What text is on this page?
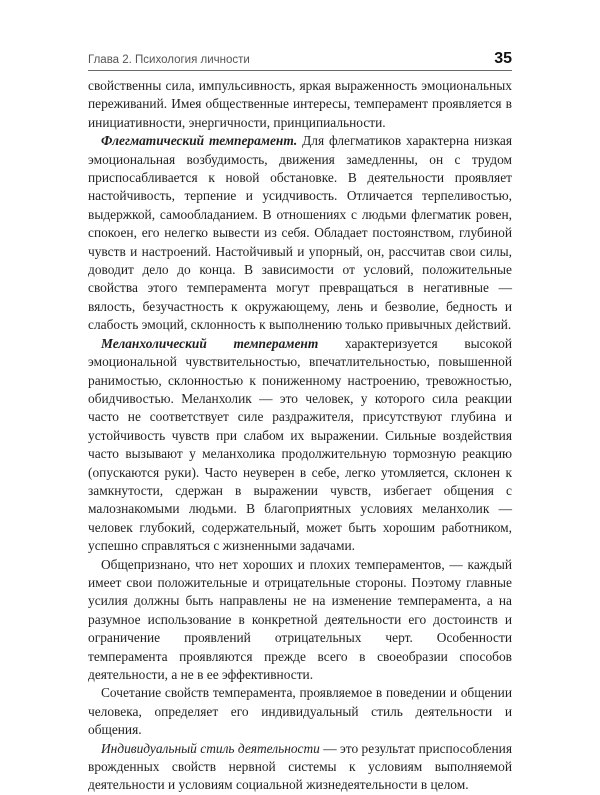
Глава 2. Психология личности	35

свойственны сила, импульсивность, яркая выраженность эмоциональных переживаний. Имея общественные интересы, темперамент проявляется в инициативности, энергичности, принципиальности.

Флегматический темперамент. Для флегматиков характерна низкая эмоциональная возбудимость, движения замедленны, он с трудом приспосабливается к новой обстановке. В деятельности проявляет настойчивость, терпение и усидчивость. Отличается терпеливостью, выдержкой, самообладанием. В отношениях с людьми флегматик ровен, спокоен, его нелегко вывести из себя. Обладает постоянством, глубиной чувств и настроений. Настойчивый и упорный, он, рассчитав свои силы, доводит дело до конца. В зависимости от условий, положительные свойства этого темперамента могут превращаться в негативные — вялость, безучастность к окружающему, лень и безволие, бедность и слабость эмоций, склонность к выполнению только привычных действий.

Меланхолический темперамент характеризуется высокой эмоциональной чувствительностью, впечатлительностью, повышенной ранимостью, склонностью к пониженному настроению, тревожностью, обидчивостью. Меланхолик — это человек, у которого сила реакции часто не соответствует силе раздражителя, присутствуют глубина и устойчивость чувств при слабом их выражении. Сильные воздействия часто вызывают у меланхолика продолжительную тормозную реакцию (опускаются руки). Часто неуверен в себе, легко утомляется, склонен к замкнутости, сдержан в выражении чувств, избегает общения с малознакомыми людьми. В благоприятных условиях меланхолик — человек глубокий, содержательный, может быть хорошим работником, успешно справляться с жизненными задачами.

Общепризнано, что нет хороших и плохих темпераментов, — каждый имеет свои положительные и отрицательные стороны. Поэтому главные усилия должны быть направлены не на изменение темперамента, а на разумное использование в конкретной деятельности его достоинств и ограничение проявлений отрицательных черт. Особенности темперамента проявляются прежде всего в своеобразии способов деятельности, а не в ее эффективности.

Сочетание свойств темперамента, проявляемое в поведении и общении человека, определяет его индивидуальный стиль деятельности и общения.

Индивидуальный стиль деятельности — это результат приспособления врожденных свойств нервной системы к условиям выполняемой деятельности и условиям социальной жизнедеятельности в целом.
